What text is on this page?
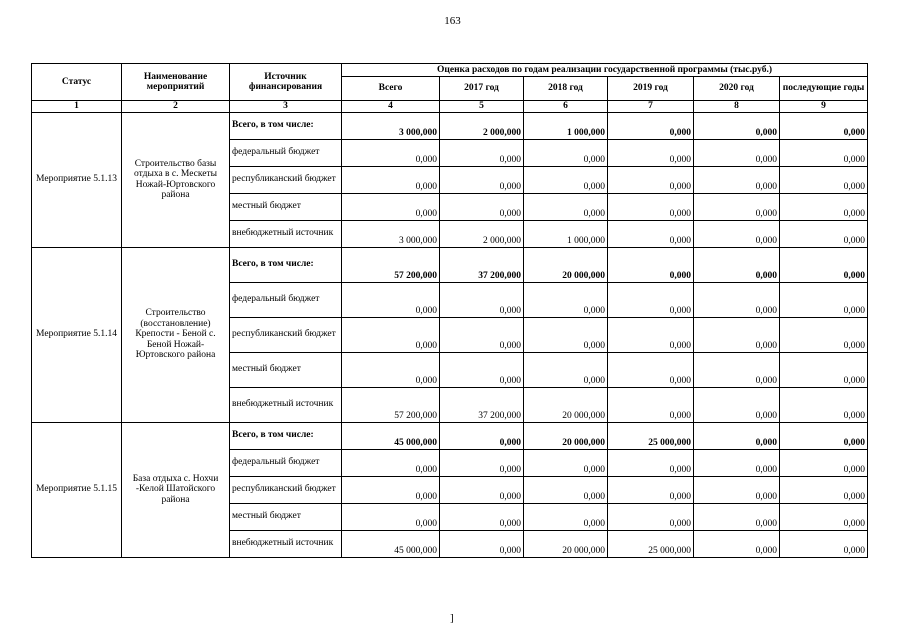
163
Статус	Наименование мероприятий	Источник финансирования	Оценка расходов по годам реализации государственной программы (тыс.руб.)					
			Всего	2017 год	2018 год	2019 год	2020 год	последующие годы
1	2	3	4	5	6	7	8	9
Мероприятие 5.1.13	Строительство базы отдыха в с. Мескеты Ножай-Юртовского района	Всего, в том числе:	3 000,000	2 000,000	1 000,000	0,000	0,000	0,000
		федеральный бюджет	0,000	0,000	0,000	0,000	0,000	0,000
		республиканский бюджет	0,000	0,000	0,000	0,000	0,000	0,000
		местный бюджет	0,000	0,000	0,000	0,000	0,000	0,000
		внебюджетный источник	3 000,000	2 000,000	1 000,000	0,000	0,000	0,000
Мероприятие 5.1.14	Строительство (восстановление) Крепости - Беной с. Беной Ножай-Юртовского района	Всего, в том числе:	57 200,000	37 200,000	20 000,000	0,000	0,000	0,000
		федеральный бюджет	0,000	0,000	0,000	0,000	0,000	0,000
		республиканский бюджет	0,000	0,000	0,000	0,000	0,000	0,000
		местный бюджет	0,000	0,000	0,000	0,000	0,000	0,000
		внебюджетный источник	57 200,000	37 200,000	20 000,000	0,000	0,000	0,000
Мероприятие 5.1.15	База отдыха с. Нохчи -Келой Шатойского района	Всего, в том числе:	45 000,000	0,000	20 000,000	25 000,000	0,000	0,000
		федеральный бюджет	0,000	0,000	0,000	0,000	0,000	0,000
		республиканский бюджет	0,000	0,000	0,000	0,000	0,000	0,000
		местный бюджет	0,000	0,000	0,000	0,000	0,000	0,000
		внебюджетный источник	45 000,000	0,000	20 000,000	25 000,000	0,000	0,000
]
